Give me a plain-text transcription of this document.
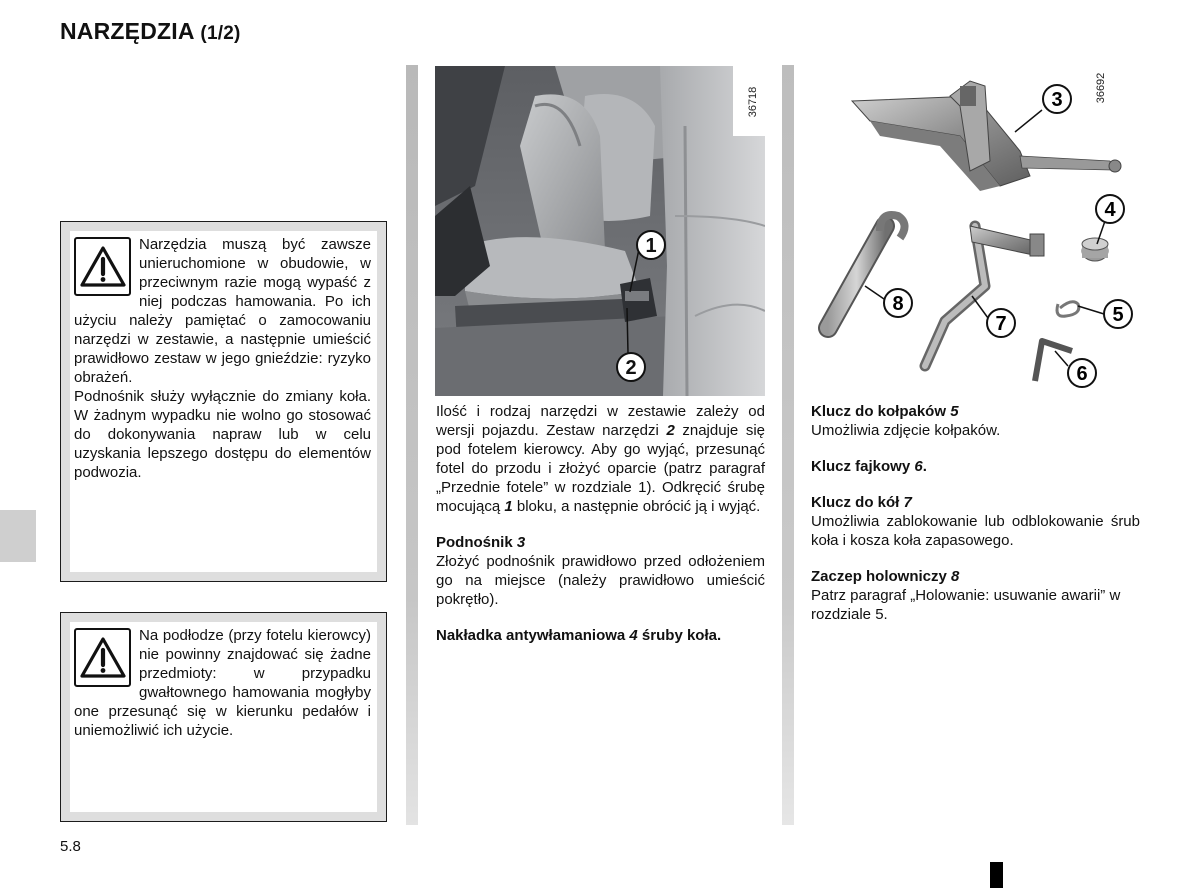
NARZĘDZIA (1/2)
Narzędzia muszą być zawsze unieruchomione w obudowie, w przeciwnym razie mogą wypaść z niej podczas hamowania. Po ich użyciu należy pamiętać o zamocowaniu narzędzi w zestawie, a następnie umieścić prawidłowo zestaw w jego gnieździe: ryzyko obrażeń.
Podnośnik służy wyłącznie do zmiany koła. W żadnym wypadku nie wolno go stosować do dokonywania napraw lub w celu uzyskania lepszego dostępu do elementów podwozia.
Na podłodze (przy fotelu kierowcy) nie powinny znajdować się żadne przedmioty: w przypadku gwałtownego hamowania mogłyby one przesunąć się w kierunku pedałów i uniemożliwić ich użycie.
36718
1
2
36692
3
4
5
6
7
8

Ilość i rodzaj narzędzi w zestawie zależy od wersji pojazdu. Zestaw narzędzi 2 znajduje się pod fotelem kierowcy. Aby go wyjąć, przesunąć fotel do przodu i złożyć oparcie (patrz paragraf „Przednie fotele” w rozdziale 1). Odkręcić śrubę mocującą 1 bloku, a następnie obrócić ją i wyjąć.

Podnośnik 3
Złożyć podnośnik prawidłowo przed odłożeniem go na miejsce (należy prawidłowo umieścić pokrętło).

Nakładka antywłamaniowa 4 śruby koła.

Klucz do kołpaków 5
Umożliwia zdjęcie kołpaków.

Klucz fajkowy 6.

Klucz do kół 7
Umożliwia zablokowanie lub odblokowanie śrub koła i kosza koła zapasowego.

Zaczep holowniczy 8
Patrz paragraf „Holowanie: usuwanie awarii” w rozdziale 5.

5.8
